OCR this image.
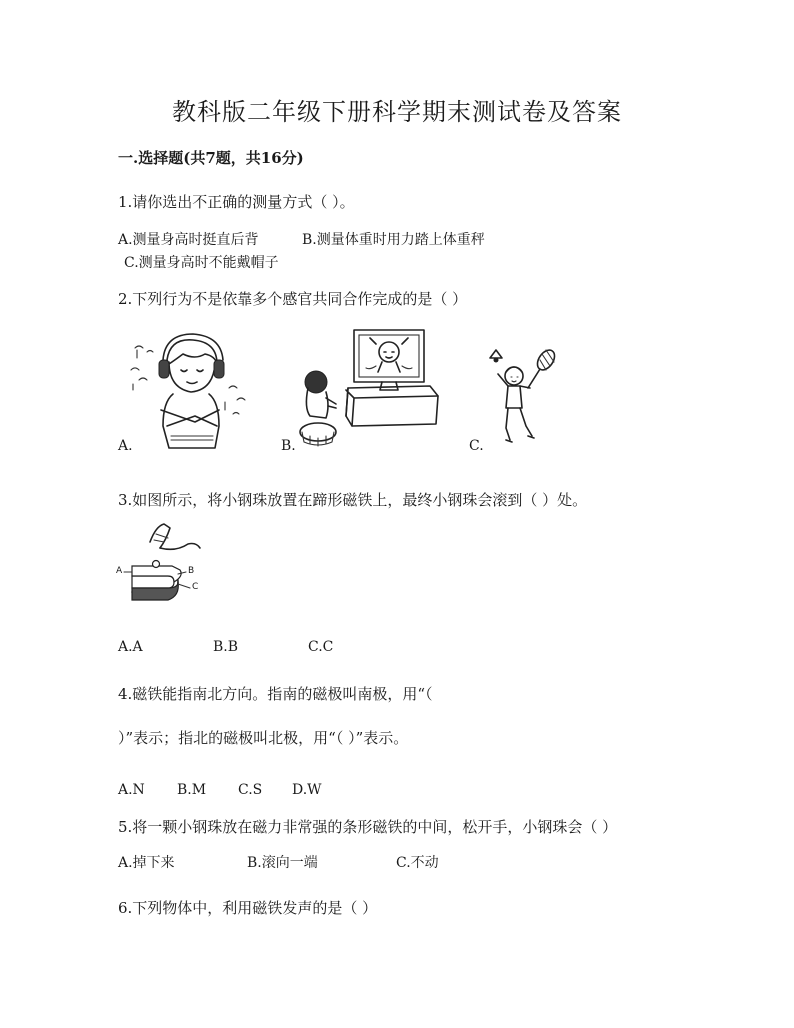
教科版二年级下册科学期末测试卷及答案
一.选择题(共7题，共16分)
1.请你选出不正确的测量方式（ ）。
A.测量身高时挺直后背	B.测量体重时用力踏上体重秤
C.测量身高时不能戴帽子
2.下列行为不是依靠多个感官共同合作完成的是（ ）
A.	B.	C.
3.如图所示，将小钢珠放置在蹄形磁铁上，最终小钢珠会滚到（ ）处。
A	B
C
A.A	B.B	C.C
4.磁铁能指南北方向。指南的磁极叫南极，用“（
）”表示；指北的磁极叫北极，用“（ ）”表示。
A.N B.M C.S D.W
5.将一颗小钢珠放在磁力非常强的条形磁铁的中间，松开手，小钢珠会（ ）
A.掉下来	B.滚向一端	C.不动
6.下列物体中，利用磁铁发声的是（ ）
